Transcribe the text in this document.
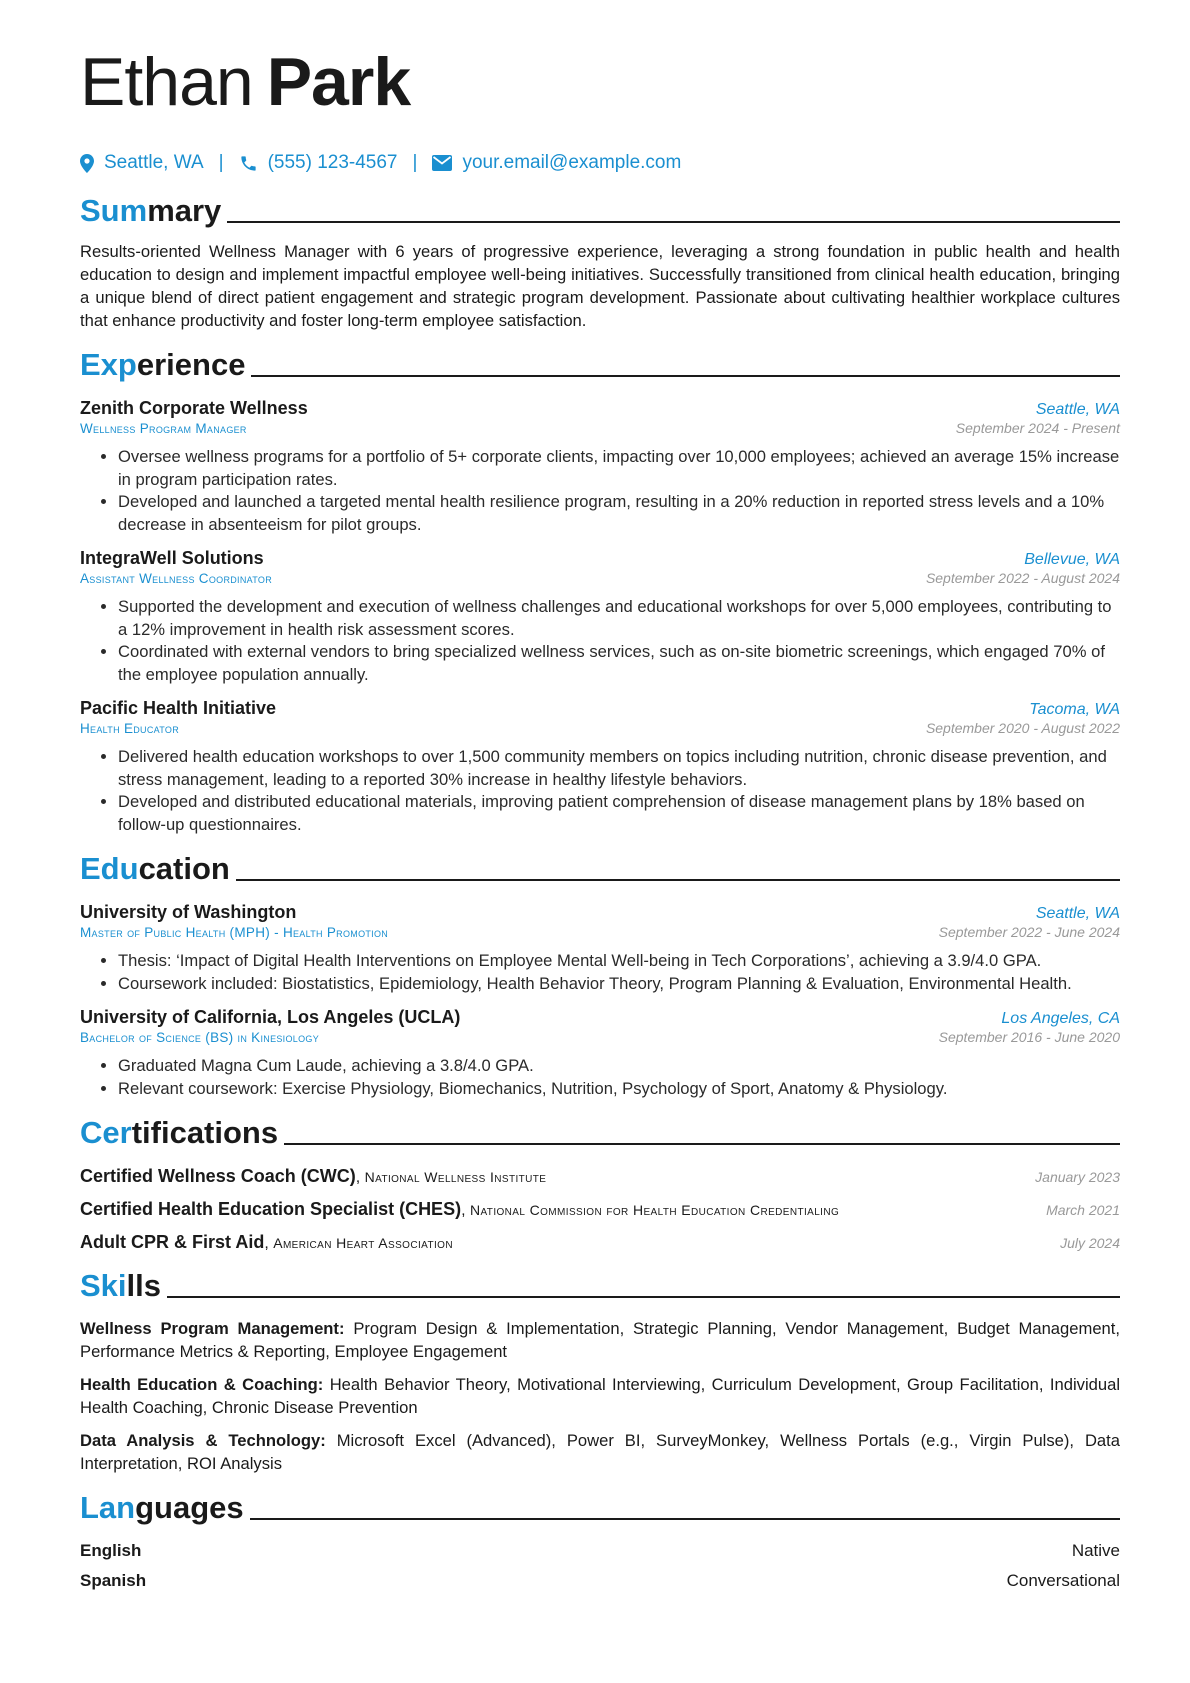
Ethan Park
Seattle, WA | (555) 123-4567 | your.email@example.com
Summary
Results-oriented Wellness Manager with 6 years of progressive experience, leveraging a strong foundation in public health and health education to design and implement impactful employee well-being initiatives. Successfully transitioned from clinical health education, bringing a unique blend of direct patient engagement and strategic program development. Passionate about cultivating healthier workplace cultures that enhance productivity and foster long-term employee satisfaction.
Experience
Zenith Corporate Wellness	Seattle, WA
Wellness Program Manager	September 2024 - Present
• Oversee wellness programs for a portfolio of 5+ corporate clients, impacting over 10,000 employees; achieved an average 15% increase in program participation rates.
• Developed and launched a targeted mental health resilience program, resulting in a 20% reduction in reported stress levels and a 10% decrease in absenteeism for pilot groups.
IntegraWell Solutions	Bellevue, WA
Assistant Wellness Coordinator	September 2022 - August 2024
• Supported the development and execution of wellness challenges and educational workshops for over 5,000 employees, contributing to a 12% improvement in health risk assessment scores.
• Coordinated with external vendors to bring specialized wellness services, such as on-site biometric screenings, which engaged 70% of the employee population annually.
Pacific Health Initiative	Tacoma, WA
Health Educator	September 2020 - August 2022
• Delivered health education workshops to over 1,500 community members on topics including nutrition, chronic disease prevention, and stress management, leading to a reported 30% increase in healthy lifestyle behaviors.
• Developed and distributed educational materials, improving patient comprehension of disease management plans by 18% based on follow-up questionnaires.
Education
University of Washington	Seattle, WA
Master of Public Health (MPH) - Health Promotion	September 2022 - June 2024
• Thesis: ‘Impact of Digital Health Interventions on Employee Mental Well-being in Tech Corporations’, achieving a 3.9/4.0 GPA.
• Coursework included: Biostatistics, Epidemiology, Health Behavior Theory, Program Planning & Evaluation, Environmental Health.
University of California, Los Angeles (UCLA)	Los Angeles, CA
Bachelor of Science (BS) in Kinesiology	September 2016 - June 2020
• Graduated Magna Cum Laude, achieving a 3.8/4.0 GPA.
• Relevant coursework: Exercise Physiology, Biomechanics, Nutrition, Psychology of Sport, Anatomy & Physiology.
Certifications
Certified Wellness Coach (CWC), National Wellness Institute	January 2023
Certified Health Education Specialist (CHES), National Commission for Health Education Credentialing	March 2021
Adult CPR & First Aid, American Heart Association	July 2024
Skills
Wellness Program Management: Program Design & Implementation, Strategic Planning, Vendor Management, Budget Management, Performance Metrics & Reporting, Employee Engagement
Health Education & Coaching: Health Behavior Theory, Motivational Interviewing, Curriculum Development, Group Facilitation, Individual Health Coaching, Chronic Disease Prevention
Data Analysis & Technology: Microsoft Excel (Advanced), Power BI, SurveyMonkey, Wellness Portals (e.g., Virgin Pulse), Data Interpretation, ROI Analysis
Languages
English	Native
Spanish	Conversational
